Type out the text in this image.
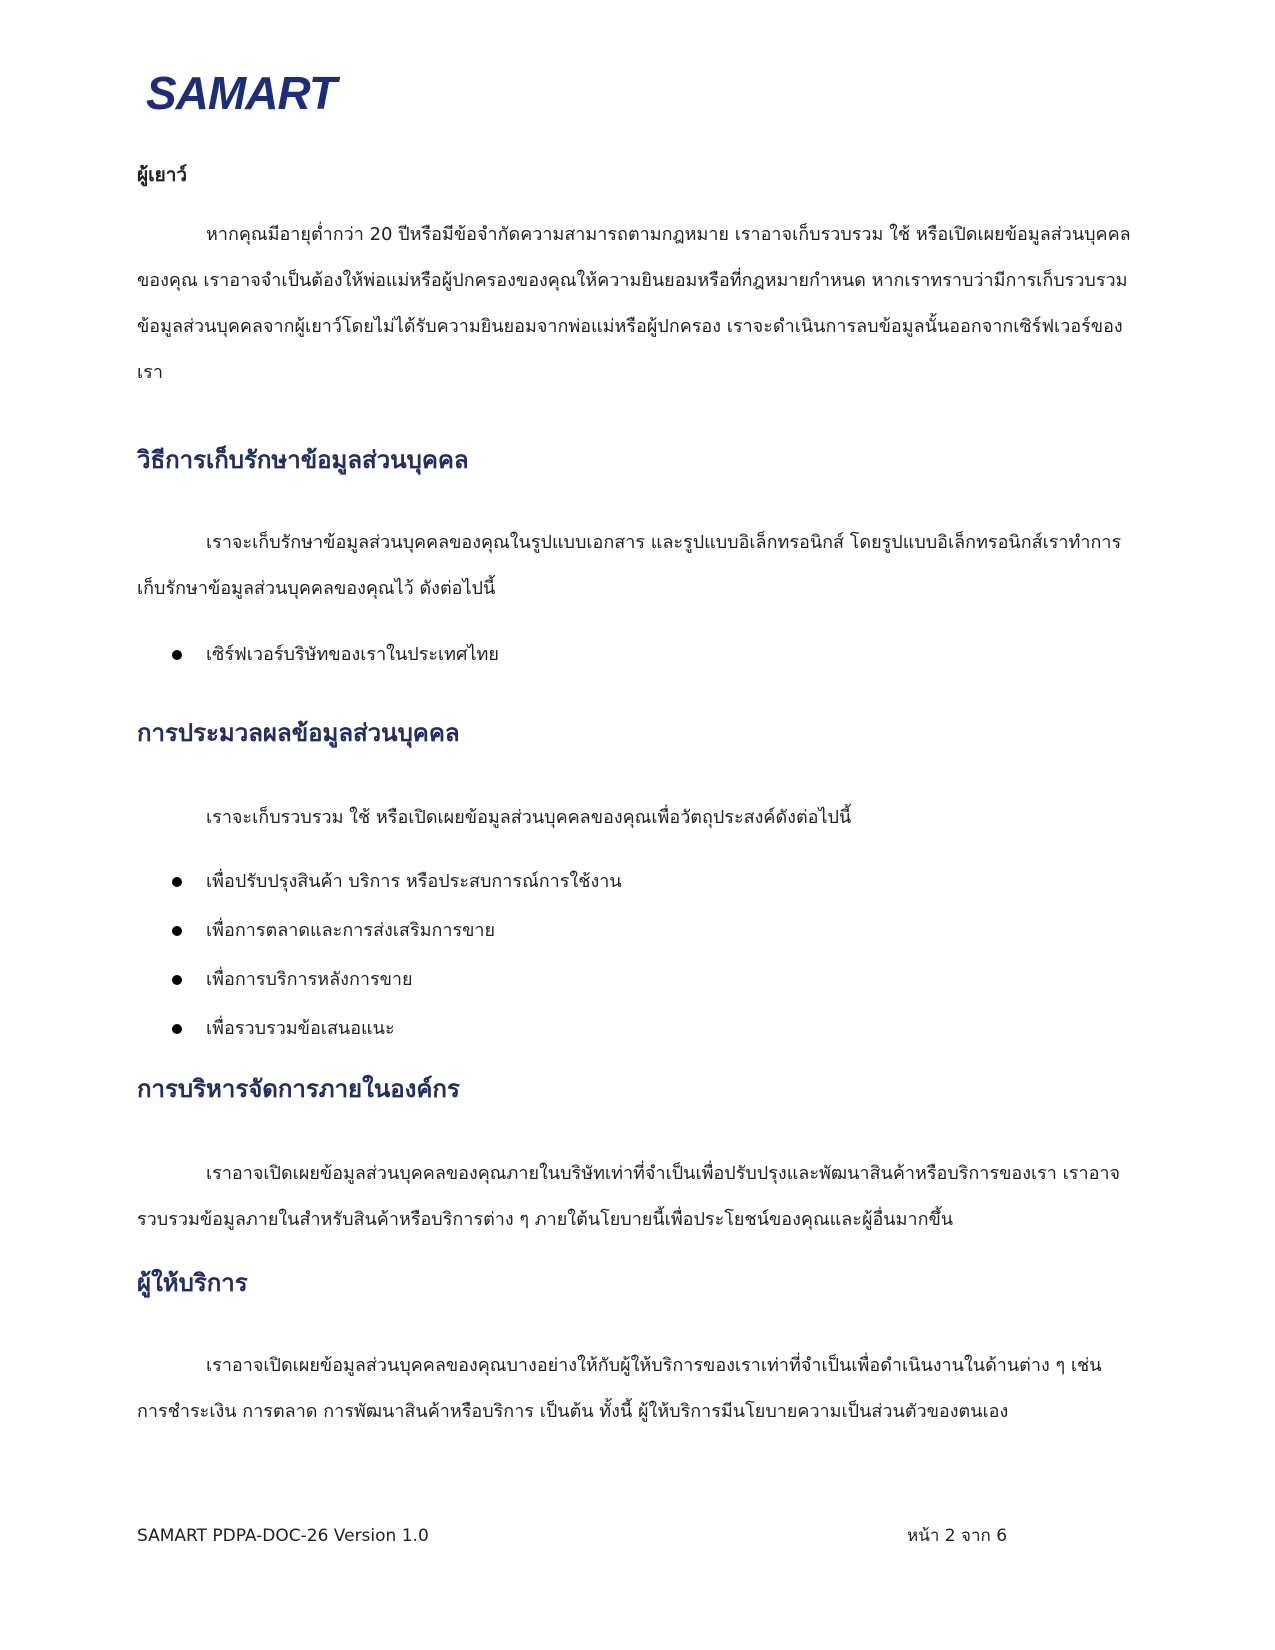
SAMART
ผู้เยาว์

หากคุณมีอายุต่ำกว่า 20 ปีหรือมีข้อจำกัดความสามารถตามกฎหมาย เราอาจเก็บรวบรวม ใช้ หรือเปิดเผยข้อมูลส่วนบุคคลของคุณ เราอาจจำเป็นต้องให้พ่อแม่หรือผู้ปกครองของคุณให้ความยินยอมหรือที่กฎหมายกำหนด หากเราทราบว่ามีการเก็บรวบรวมข้อมูลส่วนบุคคลจากผู้เยาว์โดยไม่ได้รับความยินยอมจากพ่อแม่หรือผู้ปกครอง เราจะดำเนินการลบข้อมูลนั้นออกจากเซิร์ฟเวอร์ของเรา

วิธีการเก็บรักษาข้อมูลส่วนบุคคล

เราจะเก็บรักษาข้อมูลส่วนบุคคลของคุณในรูปแบบเอกสาร และรูปแบบอิเล็กทรอนิกส์ โดยรูปแบบอิเล็กทรอนิกส์เราทำการเก็บรักษาข้อมูลส่วนบุคคลของคุณไว้ ดังต่อไปนี้

เซิร์ฟเวอร์บริษัทของเราในประเทศไทย
การประมวลผลข้อมูลส่วนบุคคล

เราจะเก็บรวบรวม ใช้ หรือเปิดเผยข้อมูลส่วนบุคคลของคุณเพื่อวัตถุประสงค์ดังต่อไปนี้

เพื่อปรับปรุงสินค้า บริการ หรือประสบการณ์การใช้งาน
เพื่อการตลาดและการส่งเสริมการขาย
เพื่อการบริการหลังการขาย
เพื่อรวบรวมข้อเสนอแนะ
การบริหารจัดการภายในองค์กร

เราอาจเปิดเผยข้อมูลส่วนบุคคลของคุณภายในบริษัทเท่าที่จำเป็นเพื่อปรับปรุงและพัฒนาสินค้าหรือบริการของเรา เราอาจรวบรวมข้อมูลภายในสำหรับสินค้าหรือบริการต่าง ๆ ภายใต้นโยบายนี้เพื่อประโยชน์ของคุณและผู้อื่นมากขึ้น

ผู้ให้บริการ

เราอาจเปิดเผยข้อมูลส่วนบุคคลของคุณบางอย่างให้กับผู้ให้บริการของเราเท่าที่จำเป็นเพื่อดำเนินงานในด้านต่าง ๆ เช่น การชำระเงิน การตลาด การพัฒนาสินค้าหรือบริการ เป็นต้น ทั้งนี้ ผู้ให้บริการมีนโยบายความเป็นส่วนตัวของตนเอง

SAMART PDPA-DOC-26 Version 1.0	หน้า 2 จาก 6
